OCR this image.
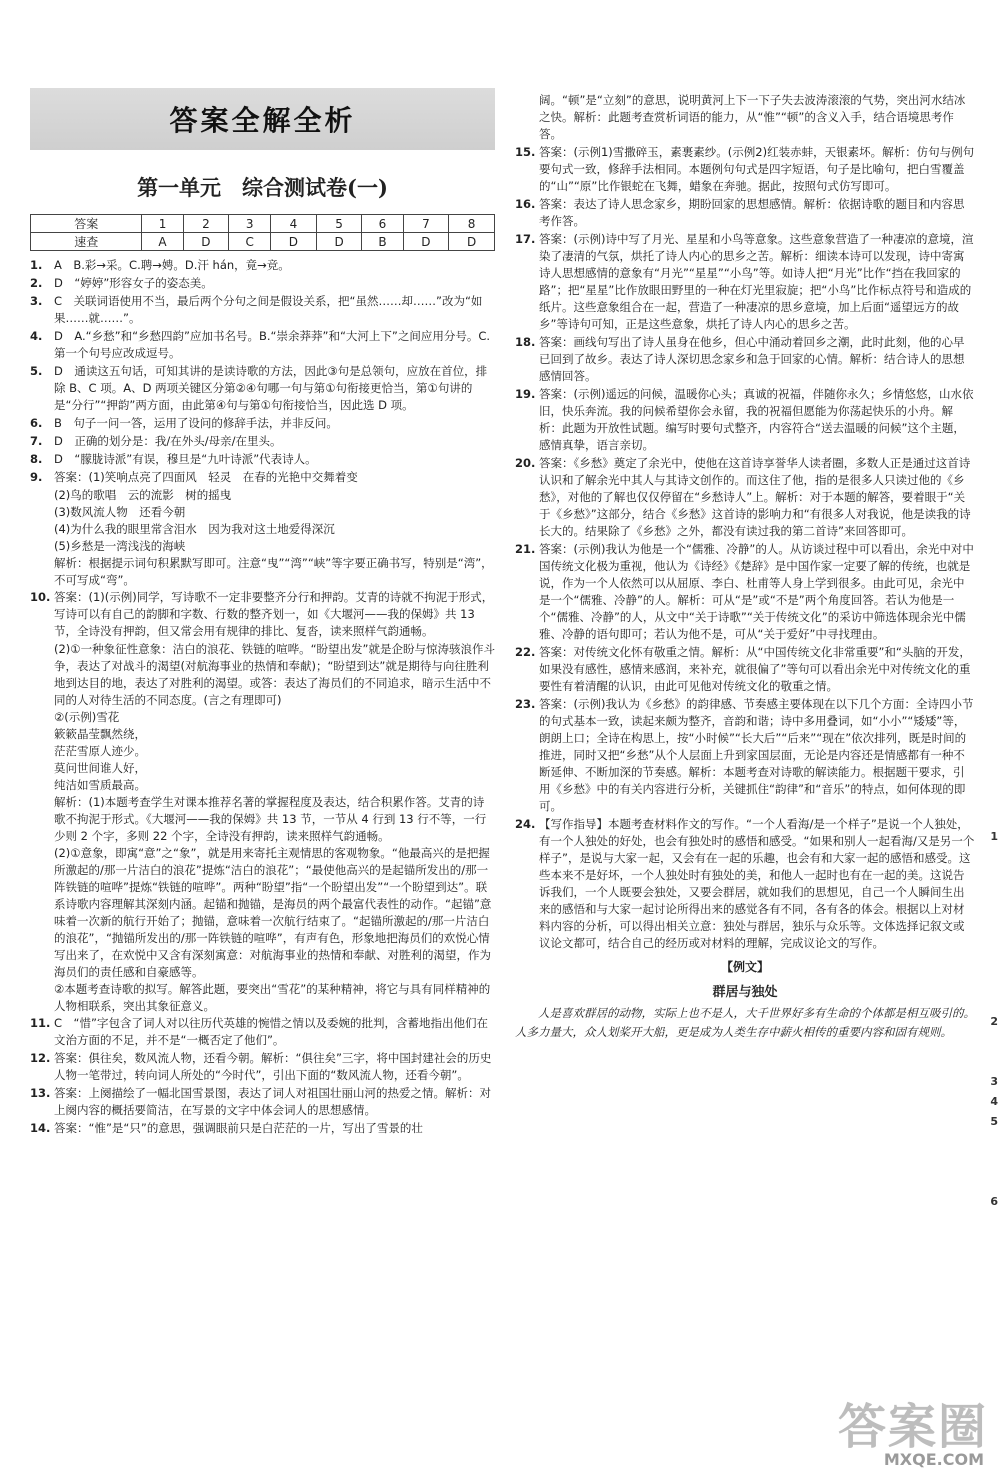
答案全解全析
第一单元　综合测试卷(一)
答案	1	2	3	4	5	6	7	8
速查	A	D	C	D	D	B	D	D
1.	A　B.彩→采。C.聘→娉。D.汗 hán，竟→竞。
2.	D　“婷婷”形容女子的姿态美。
3.	C　关联词语使用不当，最后两个分句之间是假设关系，把“虽然……却……”改为“如果……就……”。
4.	D　A.“乡愁”和“乡愁四韵”应加书名号。B.“崇余莽莽”和“大河上下”之间应用分号。C.第一个句号应改成逗号。
5.	D　通读这五句话，可知其讲的是读诗歌的方法，因此③句是总领句，应放在首位，排除 B、C 项。A、D 两项关键区分第②④句哪一句与第①句衔接更恰当，第①句讲的是“分行”“押韵”两方面，由此第④句与第①句衔接恰当，因此选 D 项。
6.	B　句子一问一答，运用了设问的修辞手法，并非反问。
7.	D　正确的划分是：我/在外头/母亲/在里头。
8.	D　“朦胧诗派”有误，穆旦是“九叶诗派”代表诗人。
9.	答案：(1)笑响点亮了四面风　轻灵　在春的光艳中交舞着变
(2)鸟的歌唱　云的流影　树的摇曳
(3)数风流人物　还看今朝
(4)为什么我的眼里常含泪水　因为我对这土地爱得深沉
(5)乡愁是一湾浅浅的海峡
解析：根据提示词句积累默写即可。注意“曳”“湾”“峡”等字要正确书写，特别是“湾”，不可写成“弯”。
10. 答案：(1)(示例)同学，写诗歌不一定非要整齐分行和押韵。艾青的诗就不拘泥于形式，写诗可以有自己的韵脚和字数、行数的整齐划一，如《大堰河——我的保姆》共 13 节，全诗没有押韵，但又常会用有规律的排比、复沓，读来照样气韵通畅。
(2)①一种象征性意象：洁白的浪花、铁链的喧哗。“盼望出发”就是企盼与惊涛骇浪作斗争，表达了对战斗的渴望(对航海事业的热情和奉献)；“盼望到达”就是期待与向往胜利地到达目的地，表达了对胜利的渴望。或答：表达了海员们的不同追求，暗示生活中不同的人对待生活的不同态度。(言之有理即可)
②(示例)雪花
簌簌晶莹飘然绕，
茫茫雪原人迹少。
莫问世间谁人好，
纯洁如雪质最高。
解析：(1)本题考查学生对课本推荐名著的掌握程度及表达，结合积累作答。艾青的诗歌不拘泥于形式。《大堰河——我的保姆》共 13 节，一节从 4 行到 13 行不等，一行少则 2 个字，多则 22 个字，全诗没有押韵，读来照样气韵通畅。
(2)①意象，即寓“意”之“象”，就是用来寄托主观情思的客观物象。“他最高兴的是把握所激起的/那一片洁白的浪花”提炼“洁白的浪花”；“最使他高兴的是起锚所发出的/那一阵铁链的喧哗”提炼“铁链的喧哗”。两种“盼望”指“一个盼望出发”“一个盼望到达”。联系诗歌内容理解其深刻内涵。起锚和抛锚，是海员的两个最富代表性的动作。“起锚”意味着一次新的航行开始了；抛锚，意味着一次航行结束了。“起锚所激起的/那一片洁白的浪花”，“抛锚所发出的/那一阵铁链的喧哗”，有声有色，形象地把海员们的欢悦心情写出来了，在欢悦中又含有深刻寓意：对航海事业的热情和奉献、对胜利的渴望，作为海员们的责任感和自豪感等。
②本题考查诗歌的拟写。解答此题，要突出“雪花”的某种精神，将它与具有同样精神的人物相联系，突出其象征意义。
11. C　“惜”字包含了词人对以往历代英雄的惋惜之情以及委婉的批判，含蓄地指出他们在文治方面的不足，并不是“一概否定了他们”。
12. 答案：俱往矣，数风流人物，还看今朝。解析：“俱往矣”三字，将中国封建社会的历史人物一笔带过，转向词人所处的“今时代”，引出下面的“数风流人物，还看今朝”。
13. 答案：上阕描绘了一幅北国雪景图，表达了词人对祖国壮丽山河的热爱之情。解析：对上阕内容的概括要简洁，在写景的文字中体会词人的思想感情。
14. 答案：“惟”是“只”的意思，强调眼前只是白茫茫的一片，写出了雪景的壮
阔。“顿”是“立刻”的意思，说明黄河上下一下子失去波涛滚滚的气势，突出河水结冰之快。解析：此题考查赏析词语的能力，从“惟”“顿”的含义入手，结合语境思考作答。
15. 答案：(示例1)雪撒碎玉，素裹素纱。(示例2)红装赤蚌，天银素坏。解析：仿句与例句要句式一致，修辞手法相同。本题例句句式是四字短语，句子是比喻句，把白雪覆盖的“山”“原”比作银蛇在飞舞，蜡象在奔驰。据此，按照句式仿写即可。
16. 答案：表达了诗人思念家乡，期盼回家的思想感情。解析：依据诗歌的题目和内容思考作答。
17. 答案：(示例)诗中写了月光、星星和小鸟等意象。这些意象营造了一种凄凉的意境，渲染了凄清的气氛，烘托了诗人内心的思乡之苦。解析：细读本诗可以发现，诗中寄寓诗人思想感情的意象有“月光”“星星”“小鸟”等。如诗人把“月光”比作“挡在我回家的路”；把“星星”比作放眼田野里的一种在灯光里寂旋；把“小鸟”比作标点符号和造成的纸片。这些意象组合在一起，营造了一种凄凉的思乡意境，加上后面“遥望远方的故乡”等诗句可知，正是这些意象，烘托了诗人内心的思乡之苦。
18. 答案：画线句写出了诗人虽身在他乡，但心中涌动着回乡之潮，此时此刻，他的心早已回到了故乡。表达了诗人深切思念家乡和急于回家的心情。解析：结合诗人的思想感情回答。
19. 答案：(示例)遥远的问候，温暖你心头；真诚的祝福，伴随你永久；乡情悠悠，山水依旧，快乐奔流。我的问候希望你会永留，我的祝福但愿能为你荡起快乐的小舟。解析：此题为开放性试题。编写时要句式整齐，内容符合“送去温暖的问候”这个主题，感情真挚，语言亲切。
20. 答案：《乡愁》奠定了余光中，使他在这首诗享誉华人读者圈，多数人正是通过这首诗认识和了解余光中其人与其诗文创作的。而这住了他，指的是很多人只读过他的《乡愁》，对他的了解也仅仅停留在“乡愁诗人”上。解析：对于本题的解答，要着眼于“关于《乡愁》”这部分，结合《乡愁》这首诗的影响力和“有很多人对我说，他是读我的诗长大的。结果除了《乡愁》之外，都没有读过我的第二首诗”来回答即可。
21. 答案：(示例)我认为他是一个“儒雅、冷静”的人。从访谈过程中可以看出，余光中对中国传统文化极为重视，他认为《诗经》《楚辞》是中国作家一定要了解的传统，也就是说，作为一个人依然可以从屈原、李白、杜甫等人身上学到很多。由此可见，余光中是一个“儒雅、冷静”的人。解析：可从“是”或“不是”两个角度回答。若认为他是一个“儒雅、冷静”的人，从文中“关于诗歌”“关于传统文化”的采访中筛选体现余光中儒雅、冷静的语句即可；若认为他不是，可从“关于爱好”中寻找理由。
22. 答案：对传统文化怀有敬重之情。解析：从“中国传统文化非常重要”和“头脑的开发，如果没有感性，感情来感润，来补充，就很偏了”等句可以看出余光中对传统文化的重要性有着清醒的认识，由此可见他对传统文化的敬重之情。
23. 答案：(示例)我认为《乡愁》的韵律感、节奏感主要体现在以下几个方面：全诗四小节的句式基本一致，读起来颇为整齐，音韵和谐；诗中多用叠词，如“小小”“矮矮”等，朗朗上口；全诗在构思上，按“小时候”“长大后”“后来”“现在”依次排列，既是时间的推进，同时又把“乡愁”从个人层面上升到家国层面，无论是内容还是情感都有一种不断延伸、不断加深的节奏感。解析：本题考查对诗歌的解读能力。根据题干要求，引用《乡愁》中的有关内容进行分析，关键抓住“韵律”和“音乐”的特点，如何体现的即可。
24. 【写作指导】本题考查材料作文的写作。“一个人看海/是一个样子”是说一个人独处，有一个人独处的好处，也会有独处时的感悟和感受。“如果和别人一起看海/又是另一个样子”，是说与大家一起，又会有在一起的乐趣，也会有和大家一起的感悟和感受。这些本来不是好坏，一个人独处时有独处的美，和他人一起时也有在一起的美。这说告诉我们，一个人既要会独处，又要会群居，就如我们的思想见，自己一个人瞬间生出来的感悟和与大家一起讨论所得出来的感觉各有不同，各有各的体会。根据以上对材料内容的分析，可以得出相关立意：独处与群居，独乐与众乐等。文体选择记叙文或议论文都可，结合自己的经历或对材料的理解，完成议论文的写作。
【例文】
群居与独处
人是喜欢群居的动物，实际上也不是人，大千世界好多有生命的个体都是相互吸引的。人多力量大，众人划桨开大船，更是成为人类生存中薪火相传的重要内容和固有规则。
1
2
3
4
5
6
答案圈
MXQE.COM
